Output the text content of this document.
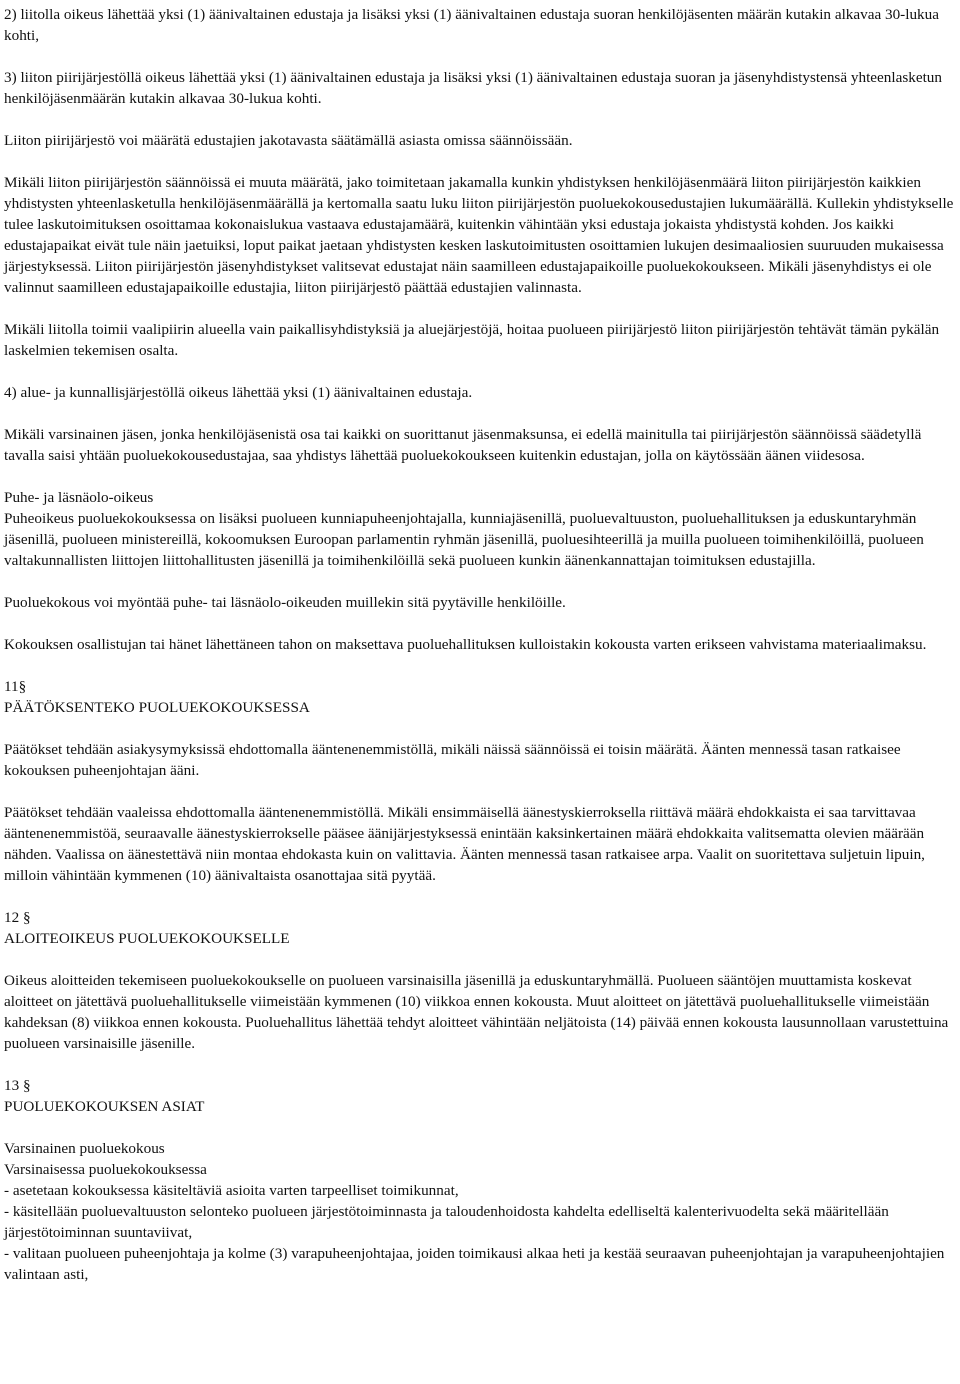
2) liitolla oikeus lähettää yksi (1) äänivaltainen edustaja ja lisäksi yksi (1) äänivaltainen edustaja suoran henkilöjäsenten määrän kutakin alkavaa 30-lukua kohti,

3) liiton piirijärjestöllä oikeus lähettää yksi (1) äänivaltainen edustaja ja lisäksi yksi (1) äänivaltainen edustaja suoran ja jäsenyhdistystensä yhteenlasketun henkilöjäsenmäärän kutakin alkavaa 30-lukua kohti.

Liiton piirijärjestö voi määrätä edustajien jakotavasta säätämällä asiasta omissa säännöissään.

Mikäli liiton piirijärjestön säännöissä ei muuta määrätä, jako toimitetaan jakamalla kunkin yhdistyksen henkilöjäsenmäärä liiton piirijärjestön kaikkien yhdistysten yhteenlasketulla henkilöjäsenmäärällä ja kertomalla saatu luku liiton piirijärjestön puoluekokousedustajien lukumäärällä. Kullekin yhdistykselle tulee laskutoimituksen osoittamaa kokonaislukua vastaava edustajamäärä, kuitenkin vähintään yksi edustaja jokaista yhdistystä kohden. Jos kaikki edustajapaikat eivät tule näin jaetuiksi, loput paikat jaetaan yhdistysten kesken laskutoimitusten osoittamien lukujen desimaaliosien suuruuden mukaisessa järjestyksessä. Liiton piirijärjestön jäsenyhdistykset valitsevat edustajat näin saamilleen edustajapaikoille puoluekokoukseen. Mikäli jäsenyhdistys ei ole valinnut saamilleen edustajapaikoille edustajia, liiton piirijärjestö päättää edustajien valinnasta.

Mikäli liitolla toimii vaalipiirin alueella vain paikallisyhdistyksiä ja aluejärjestöjä, hoitaa puolueen piirijärjestö liiton piirijärjestön tehtävät tämän pykälän laskelmien tekemisen osalta.

4) alue- ja kunnallisjärjestöllä oikeus lähettää yksi (1) äänivaltainen edustaja.

Mikäli varsinainen jäsen, jonka henkilöjäsenistä osa tai kaikki on suorittanut jäsenmaksunsa, ei edellä mainitulla tai piirijärjestön säännöissä säädetyllä tavalla saisi yhtään puoluekokousedustajaa, saa yhdistys lähettää puoluekokoukseen kuitenkin edustajan, jolla on käytössään äänen viidesosa.

Puhe- ja läsnäolo-oikeus
Puheoikeus puoluekokouksessa on lisäksi puolueen kunniapuheenjohtajalla, kunniajäsenillä, puoluevaltuuston, puoluehallituksen ja eduskuntaryhmän jäsenillä, puolueen ministereillä, kokoomuksen Euroopan parlamentin ryhmän jäsenillä, puoluesihteerillä ja muilla puolueen toimihenkilöillä, puolueen valtakunnallisten liittojen liittohallitusten jäsenillä ja toimihenkilöillä sekä puolueen kunkin äänenkannattajan toimituksen edustajilla.

Puoluekokous voi myöntää puhe- tai läsnäolo-oikeuden muillekin sitä pyytäville henkilöille.

Kokouksen osallistujan tai hänet lähettäneen tahon on maksettava puoluehallituksen kulloistakin kokousta varten erikseen vahvistama materiaalimaksu.

11§
PÄÄTÖKSENTEKO PUOLUEKOKOUKSESSA

Päätökset tehdään asiakysymyksissä ehdottomalla ääntenenemmistöllä, mikäli näissä säännöissä ei toisin määrätä. Äänten mennessä tasan ratkaisee kokouksen puheenjohtajan ääni.

Päätökset tehdään vaaleissa ehdottomalla ääntenenemmistöllä. Mikäli ensimmäisellä äänestyskierroksella riittävä määrä ehdokkaista ei saa tarvittavaa ääntenenemmistöä, seuraavalle äänestyskierrokselle pääsee äänijärjestyksessä enintään kaksinkertainen määrä ehdokkaita valitsematta olevien määrään nähden. Vaalissa on äänestettävä niin montaa ehdokasta kuin on valittavia. Äänten mennessä tasan ratkaisee arpa. Vaalit on suoritettava suljetuin lipuin, milloin vähintään kymmenen (10) äänivaltaista osanottajaa sitä pyytää.

12 §
ALOITEOIKEUS PUOLUEKOKOUKSELLE

Oikeus aloitteiden tekemiseen puoluekokoukselle on puolueen varsinaisilla jäsenillä ja eduskuntaryhmällä. Puolueen sääntöjen muuttamista koskevat aloitteet on jätettävä puoluehallitukselle viimeistään kymmenen (10) viikkoa ennen kokousta. Muut aloitteet on jätettävä puoluehallitukselle viimeistään kahdeksan (8) viikkoa ennen kokousta. Puoluehallitus lähettää tehdyt aloitteet vähintään neljätoista (14) päivää ennen kokousta lausunnollaan varustettuina puolueen varsinaisille jäsenille.

13 §
PUOLUEKOKOUKSEN ASIAT

Varsinainen puoluekokous
Varsinaisessa puoluekokouksessa
- asetetaan kokouksessa käsiteltäviä asioita varten tarpeelliset toimikunnat,
- käsitellään puoluevaltuuston selonteko puolueen järjestötoiminnasta ja taloudenhoidosta kahdelta edelliseltä kalenterivuodelta sekä määritellään järjestötoiminnan suuntaviivat,
- valitaan puolueen puheenjohtaja ja kolme (3) varapuheenjohtajaa, joiden toimikausi alkaa heti ja kestää seuraavan puheenjohtajan ja varapuheenjohtajien valintaan asti,
